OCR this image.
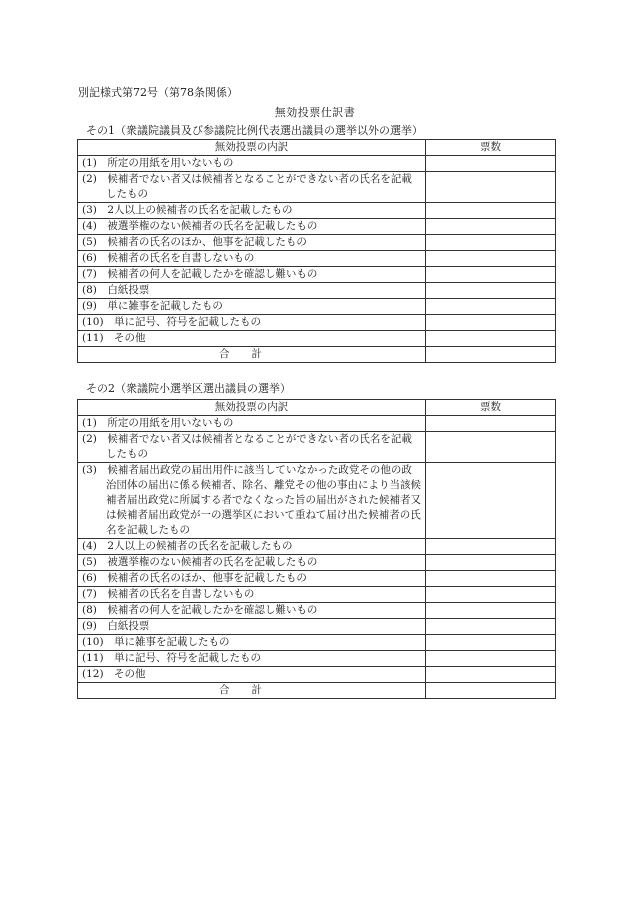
別記様式第72号（第78条関係）
無効投票仕訳書
その1（衆議院議員及び参議院比例代表選出議員の選挙以外の選挙）
無効投票の内訳	票数

(1)　所定の用紙を用いないもの	

(2)　候補者でない者又は候補者となることができない者の氏名を記載したもの	

(3)　2人以上の候補者の氏名を記載したもの	

(4)　被選挙権のない候補者の氏名を記載したもの	

(5)　候補者の氏名のほか、他事を記載したもの	

(6)　候補者の氏名を自書しないもの	

(7)　候補者の何人を記載したかを確認し難いもの	

(8)　白紙投票	

(9)　単に雑事を記載したもの	

(10)　単に記号、符号を記載したもの	

(11)　その他	

合計	
その2（衆議院小選挙区選出議員の選挙）
無効投票の内訳	票数

(1)　所定の用紙を用いないもの	

(2)　候補者でない者又は候補者となることができない者の氏名を記載したもの	

(3)　候補者届出政党の届出用件に該当していなかった政党その他の政治団体の届出に係る候補者、除名、離党その他の事由により当該候補者届出政党に所属する者でなくなった旨の届出がされた候補者又は候補者届出政党が一の選挙区において重ねて届け出た候補者の氏名を記載したもの	

(4)　2人以上の候補者の氏名を記載したもの	

(5)　被選挙権のない候補者の氏名を記載したもの	

(6)　候補者の氏名のほか、他事を記載したもの	

(7)　候補者の氏名を自書しないもの	

(8)　候補者の何人を記載したかを確認し難いもの	

(9)　白紙投票	

(10)　単に雑事を記載したもの	

(11)　単に記号、符号を記載したもの	

(12)　その他	

合計	
